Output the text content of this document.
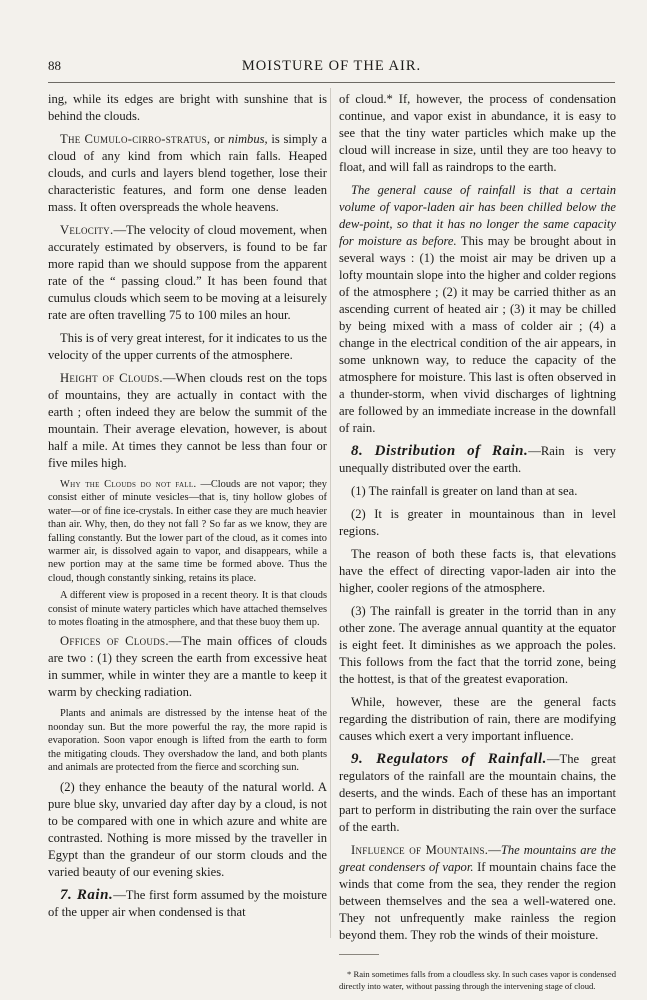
88	MOISTURE OF THE AIR.

ing, while its edges are bright with sunshine that is behind the clouds.

The Cumulo-cirro-stratus, or nimbus, is simply a cloud of any kind from which rain falls. Heaped clouds, and curls and layers blend together, lose their characteristic features, and form one dense leaden mass. It often overspreads the whole heavens.

Velocity.—The velocity of cloud movement, when accurately estimated by observers, is found to be far more rapid than we should suppose from the apparent rate of the “ passing cloud.” It has been found that cumulus clouds which seem to be moving at a leisurely rate are often travelling 75 to 100 miles an hour.

This is of very great interest, for it indicates to us the velocity of the upper currents of the atmosphere.

Height of Clouds.—When clouds rest on the tops of mountains, they are actually in contact with the earth ; often indeed they are below the summit of the mountain. Their average elevation, however, is about half a mile. At times they cannot be less than four or five miles high.

Why the Clouds do not fall. —Clouds are not vapor; they consist either of minute vesicles—that is, tiny hollow globes of water—or of fine ice-crystals. In either case they are much heavier than air. Why, then, do they not fall ? So far as we know, they are falling constantly. But the lower part of the cloud, as it comes into warmer air, is dissolved again to vapor, and disappears, while a new portion may at the same time be formed above. Thus the cloud, though constantly sinking, retains its place.

A different view is proposed in a recent theory. It is that clouds consist of minute watery particles which have attached themselves to motes floating in the atmosphere, and that these buoy them up.

Offices of Clouds.—The main offices of clouds are two : (1) they screen the earth from excessive heat in summer, while in winter they are a mantle to keep it warm by checking radiation.

Plants and animals are distressed by the intense heat of the noonday sun. But the more powerful the ray, the more rapid is evaporation. Soon vapor enough is lifted from the earth to form the mitigating clouds. They overshadow the land, and both plants and animals are protected from the fierce and scorching sun.

(2) they enhance the beauty of the natural world. A pure blue sky, unvaried day after day by a cloud, is not to be compared with one in which azure and white are contrasted. Nothing is more missed by the traveller in Egypt than the grandeur of our storm clouds and the varied beauty of our evening skies.

7. Rain.—The first form assumed by the moisture of the upper air when condensed is that

of cloud.* If, however, the process of condensation continue, and vapor exist in abundance, it is easy to see that the tiny water particles which make up the cloud will increase in size, until they are too heavy to float, and will fall as raindrops to the earth.

The general cause of rainfall is that a certain volume of vapor-laden air has been chilled below the dew-point, so that it has no longer the same capacity for moisture as before. This may be brought about in several ways : (1) the moist air may be driven up a lofty mountain slope into the higher and colder regions of the atmosphere ; (2) it may be carried thither as an ascending current of heated air ; (3) it may be chilled by being mixed with a mass of colder air ; (4) a change in the electrical condition of the air appears, in some unknown way, to reduce the capacity of the atmosphere for moisture. This last is often observed in a thunder-storm, when vivid discharges of lightning are followed by an immediate increase in the downfall of rain.

8. Distribution of Rain.—Rain is very unequally distributed over the earth.

(1) The rainfall is greater on land than at sea.

(2) It is greater in mountainous than in level regions.

The reason of both these facts is, that elevations have the effect of directing vapor-laden air into the higher, cooler regions of the atmosphere.

(3) The rainfall is greater in the torrid than in any other zone. The average annual quantity at the equator is eight feet. It diminishes as we approach the poles. This follows from the fact that the torrid zone, being the hottest, is that of the greatest evaporation.

While, however, these are the general facts regarding the distribution of rain, there are modifying causes which exert a very important influence.

9. Regulators of Rainfall.—The great regulators of the rainfall are the mountain chains, the deserts, and the winds. Each of these has an important part to perform in distributing the rain over the surface of the earth.

Influence of Mountains.—The mountains are the great condensers of vapor. If mountain chains face the winds that come from the sea, they render the region between themselves and the sea a well-watered one. They not unfrequently make rainless the region beyond them. They rob the winds of their moisture.

* Rain sometimes falls from a cloudless sky. In such cases vapor is condensed directly into water, without passing through the intervening stage of cloud.
